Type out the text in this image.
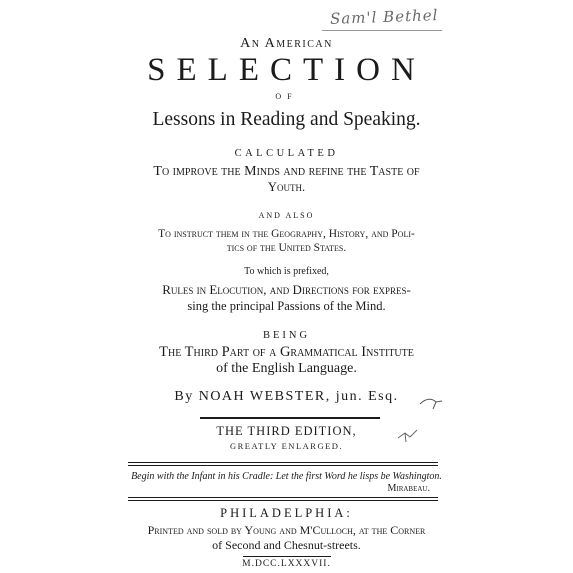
Sam'l Bethel
An American
SELECTION
OF
Lessons in Reading and Speaking.
CALCULATED
To improve the Minds and refine the Taste of
Youth.
AND ALSO
To instruct them in the Geography, History, and Poli-
tics of the United States.
To which is prefixed,
Rules in Elocution, and Directions for expres-
sing the principal Passions of the Mind.
BEING
The Third Part of a Grammatical Institute
of the English Language.
By NOAH WEBSTER, jun. Esq.
THE THIRD EDITION,
GREATLY ENLARGED.
Begin with the Infant in his Cradle: Let the first Word he lisps be Washington.
Mirabeau.
PHILADELPHIA:
Printed and sold by Young and M'Culloch, at the Corner
of Second and Chesnut-streets.
M.DCC.LXXXVII.
